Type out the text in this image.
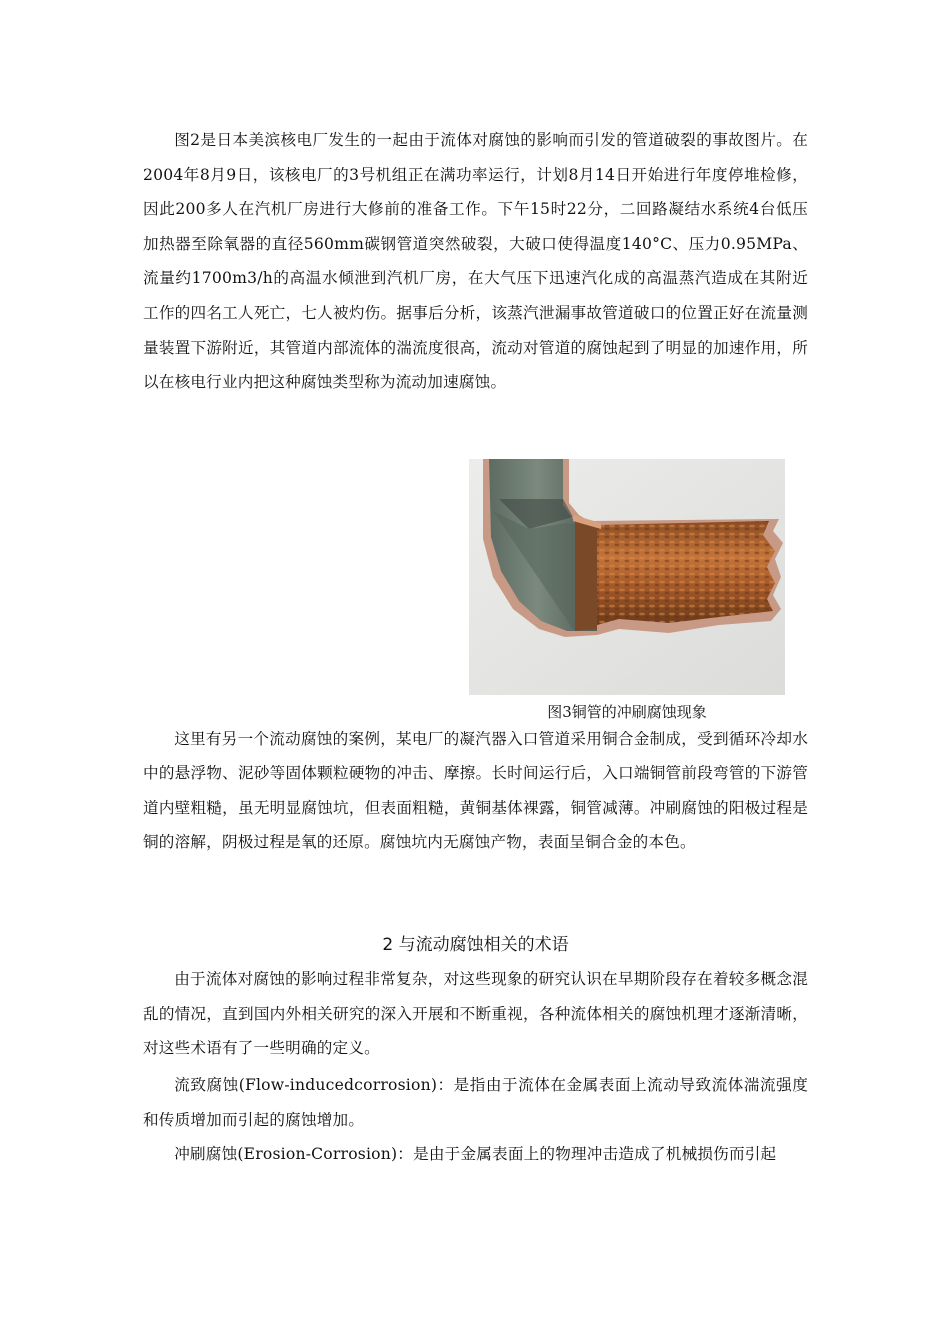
图2是日本美滨核电厂发生的一起由于流体对腐蚀的影响而引发的管道破裂的事故图片。在2004年8月9日，该核电厂的3号机组正在满功率运行，计划8月14日开始进行年度停堆检修，因此200多人在汽机厂房进行大修前的准备工作。下午15时22分，二回路凝结水系统4台低压加热器至除氧器的直径560mm碳钢管道突然破裂，大破口使得温度140°C、压力0.95MPa、流量约1700m3/h的高温水倾泄到汽机厂房，在大气压下迅速汽化成的高温蒸汽造成在其附近工作的四名工人死亡，七人被灼伤。据事后分析，该蒸汽泄漏事故管道破口的位置正好在流量测量装置下游附近，其管道内部流体的湍流度很高，流动对管道的腐蚀起到了明显的加速作用，所以在核电行业内把这种腐蚀类型称为流动加速腐蚀。

图3铜管的冲刷腐蚀现象

这里有另一个流动腐蚀的案例，某电厂的凝汽器入口管道采用铜合金制成，受到循环冷却水中的悬浮物、泥砂等固体颗粒硬物的冲击、摩擦。长时间运行后，入口端铜管前段弯管的下游管道内壁粗糙，虽无明显腐蚀坑，但表面粗糙，黄铜基体裸露，铜管减薄。冲刷腐蚀的阳极过程是铜的溶解，阴极过程是氧的还原。腐蚀坑内无腐蚀产物，表面呈铜合金的本色。

2 与流动腐蚀相关的术语

由于流体对腐蚀的影响过程非常复杂，对这些现象的研究认识在早期阶段存在着较多概念混乱的情况，直到国内外相关研究的深入开展和不断重视，各种流体相关的腐蚀机理才逐渐清晰，对这些术语有了一些明确的定义。

流致腐蚀(Flow-inducedcorrosion)：是指由于流体在金属表面上流动导致流体湍流强度和传质增加而引起的腐蚀增加。

冲刷腐蚀(Erosion-Corrosion)：是由于金属表面上的物理冲击造成了机械损伤而引起
